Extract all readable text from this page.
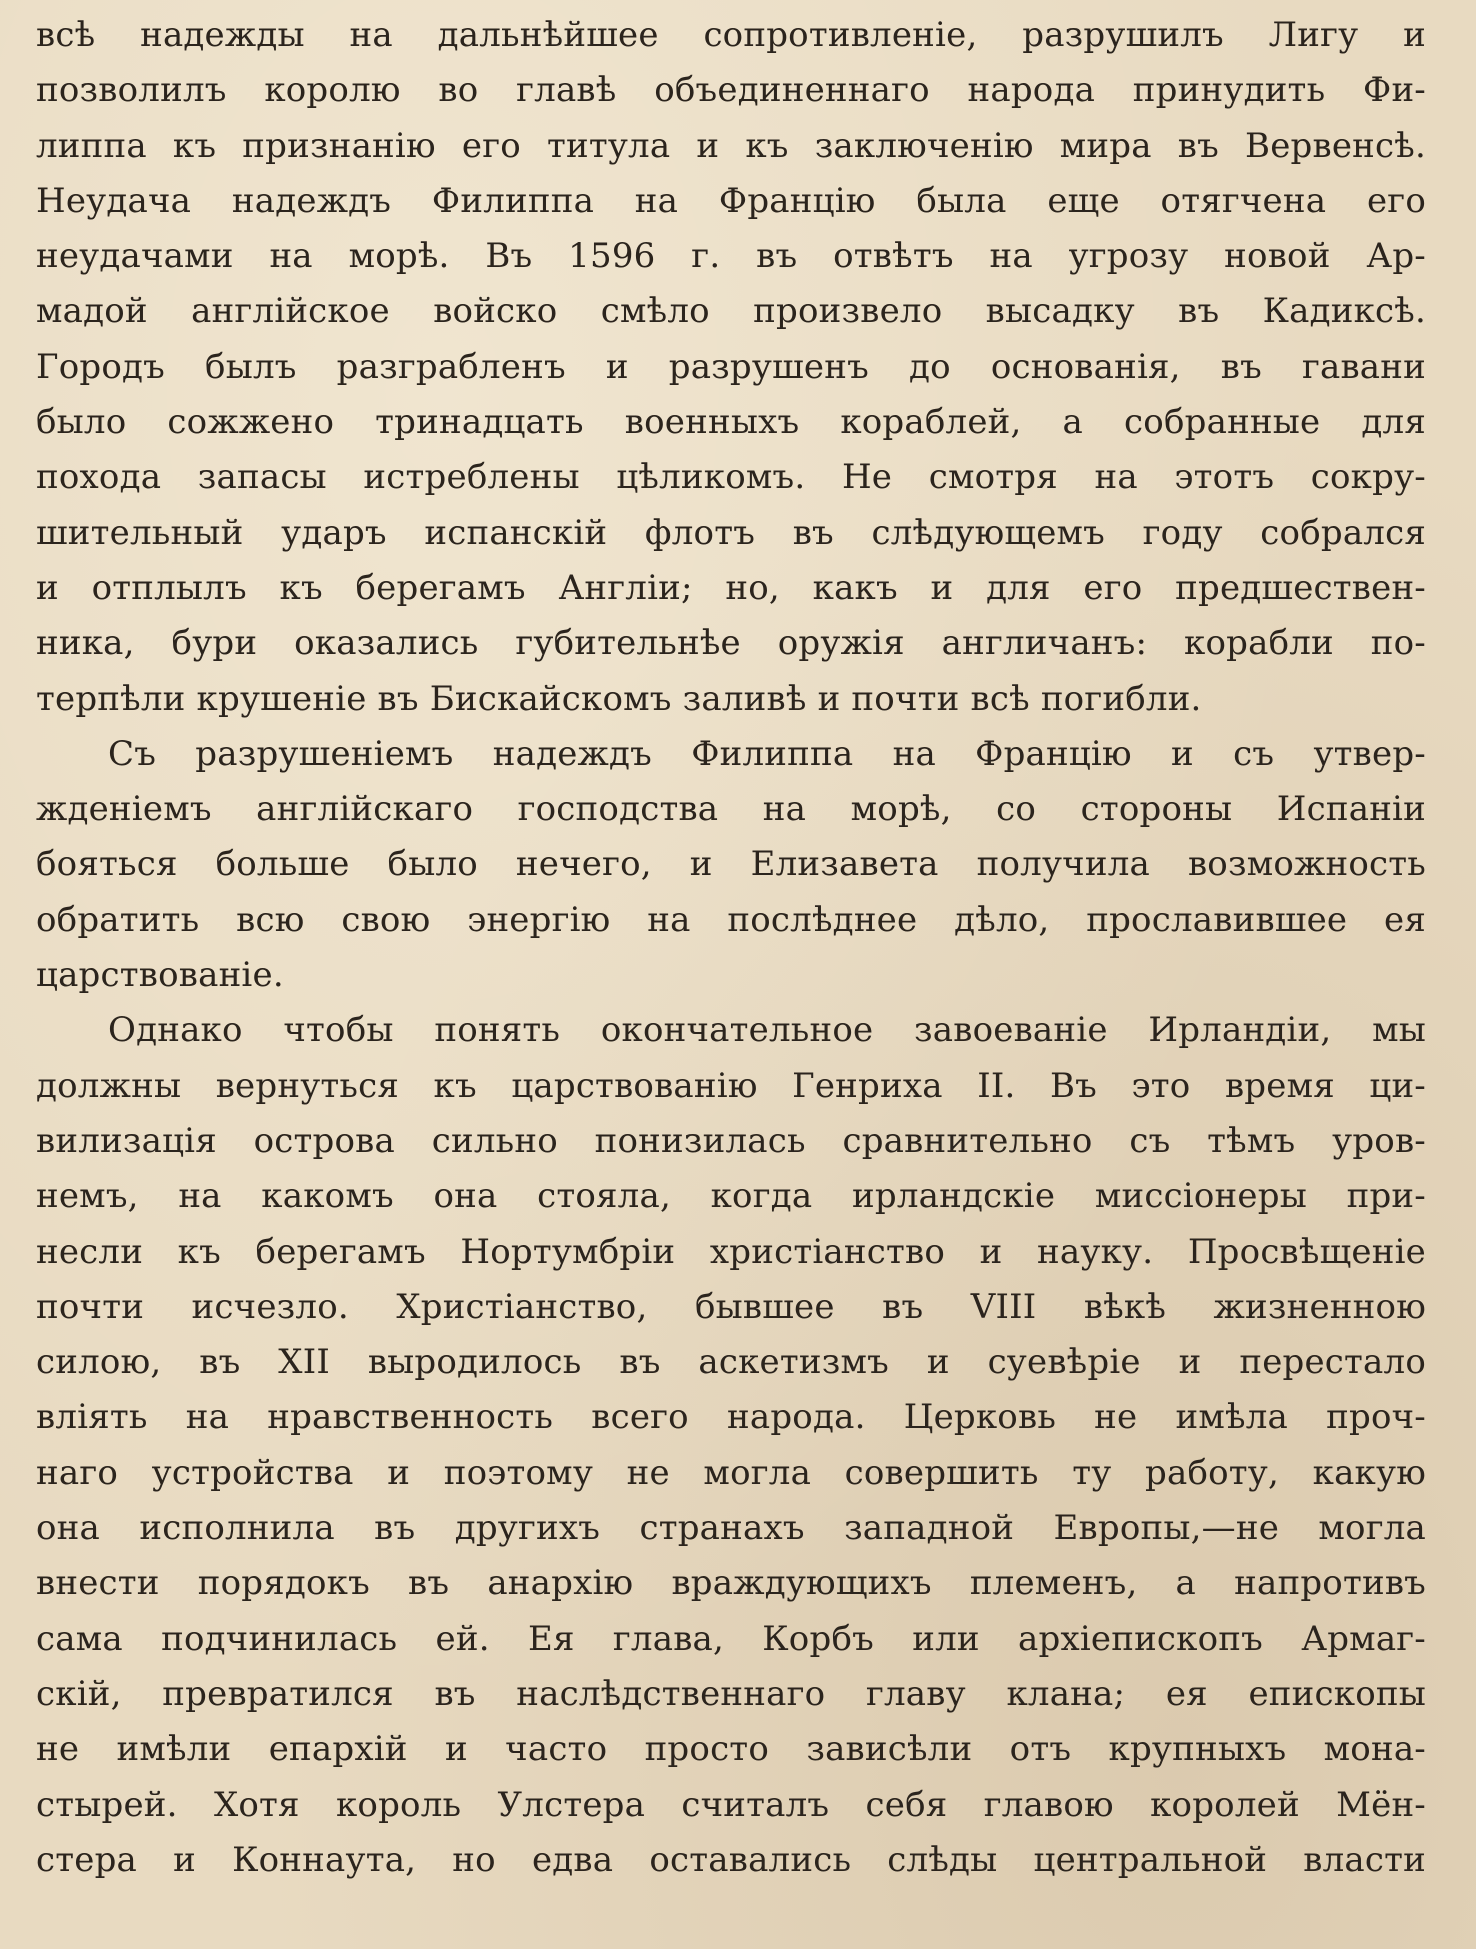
всѣ надежды на дальнѣйшее сопротивленіе, разрушилъ Лигу и
позволилъ королю во главѣ объединеннаго народа принудить Фи-
липпа къ признанію его титула и къ заключенію мира въ Вервенсѣ.
Неудача надеждъ Филиппа на Францію была еще отягчена его
неудачами на морѣ. Въ 1596 г. въ отвѣтъ на угрозу новой Ар-
мадой англійское войско смѣло произвело высадку въ Кадиксѣ.
Городъ былъ разграбленъ и разрушенъ до основанія, въ гавани
было сожжено тринадцать военныхъ кораблей, а собранные для
похода запасы истреблены цѣликомъ. Не смотря на этотъ сокру-
шительный ударъ испанскій флотъ въ слѣдующемъ году собрался
и отплылъ къ берегамъ Англіи; но, какъ и для его предшествен-
ника, бури оказались губительнѣе оружія англичанъ: корабли по-
терпѣли крушеніе въ Бискайскомъ заливѣ и почти всѣ погибли.
Съ разрушеніемъ надеждъ Филиппа на Францію и съ утвер-
жденіемъ англійскаго господства на морѣ, со стороны Испаніи
бояться больше было нечего, и Елизавета получила возможность
обратить всю свою энергію на послѣднее дѣло, прославившее ея
царствованіе.
Однако чтобы понять окончательное завоеваніе Ирландіи, мы
должны вернуться къ царствованію Генриха II. Въ это время ци-
вилизація острова сильно понизилась сравнительно съ тѣмъ уров-
немъ, на какомъ она стояла, когда ирландскіе миссіонеры при-
несли къ берегамъ Нортумбріи христіанство и науку. Просвѣщеніе
почти исчезло. Христіанство, бывшее въ VIII вѣкѣ жизненною
силою, въ XII выродилось въ аскетизмъ и суевѣріе и перестало
вліять на нравственность всего народа. Церковь не имѣла проч-
наго устройства и поэтому не могла совершить ту работу, какую
она исполнила въ другихъ странахъ западной Европы,—не могла
внести порядокъ въ анархію враждующихъ племенъ, а напротивъ
сама подчинилась ей. Ея глава, Корбъ или архіепископъ Армаг-
скій, превратился въ наслѣдственнаго главу клана; ея епископы
не имѣли епархій и часто просто зависѣли отъ крупныхъ мона-
стырей. Хотя король Улстера считалъ себя главою королей Мён-
стера и Коннаута, но едва оставались слѣды центральной власти
